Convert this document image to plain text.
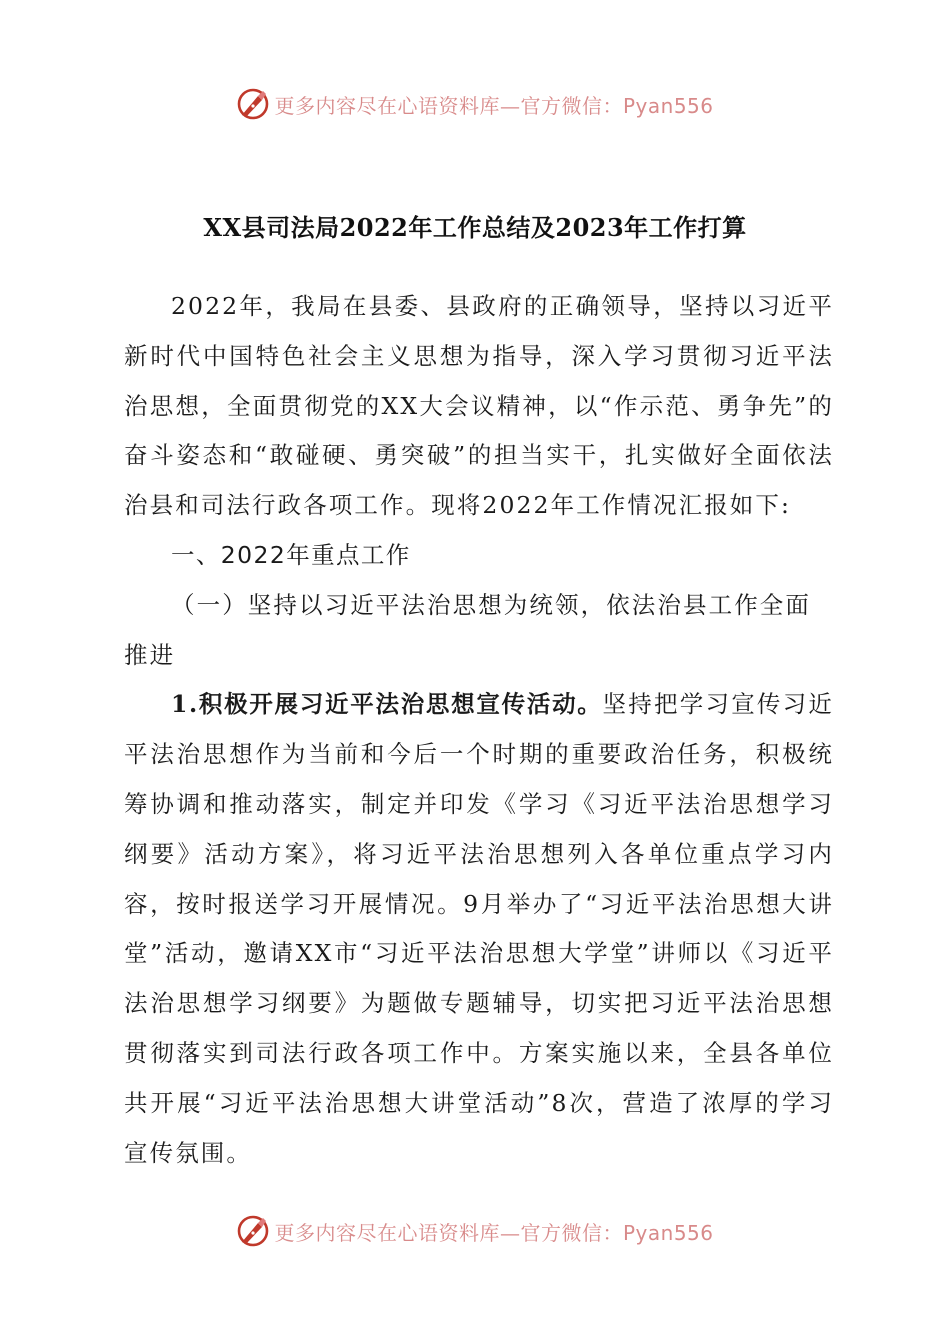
更多内容尽在心语资料库—官方微信：Pyan556
XX县司法局2022年工作总结及2023年工作打算

2022年，我局在县委、县政府的正确领导，坚持以习近平新时代中国特色社会主义思想为指导，深入学习贯彻习近平法治思想，全面贯彻党的XX大会议精神，以“作示范、勇争先”的奋斗姿态和“敢碰硬、勇突破”的担当实干，扎实做好全面依法治县和司法行政各项工作。现将2022年工作情况汇报如下:

一、2022年重点工作
（一）坚持以习近平法治思想为统领，依法治县工作全面推进

1.积极开展习近平法治思想宣传活动。坚持把学习宣传习近平法治思想作为当前和今后一个时期的重要政治任务，积极统筹协调和推动落实，制定并印发《学习《习近平法治思想学习纲要》活动方案》，将习近平法治思想列入各单位重点学习内容，按时报送学习开展情况。9月举办了“习近平法治思想大讲堂”活动，邀请XX市“习近平法治思想大学堂”讲师以《习近平法治思想学习纲要》为题做专题辅导，切实把习近平法治思想贯彻落实到司法行政各项工作中。方案实施以来，全县各单位共开展“习近平法治思想大讲堂活动”8次，营造了浓厚的学习宣传氛围。

更多内容尽在心语资料库—官方微信：Pyan556
